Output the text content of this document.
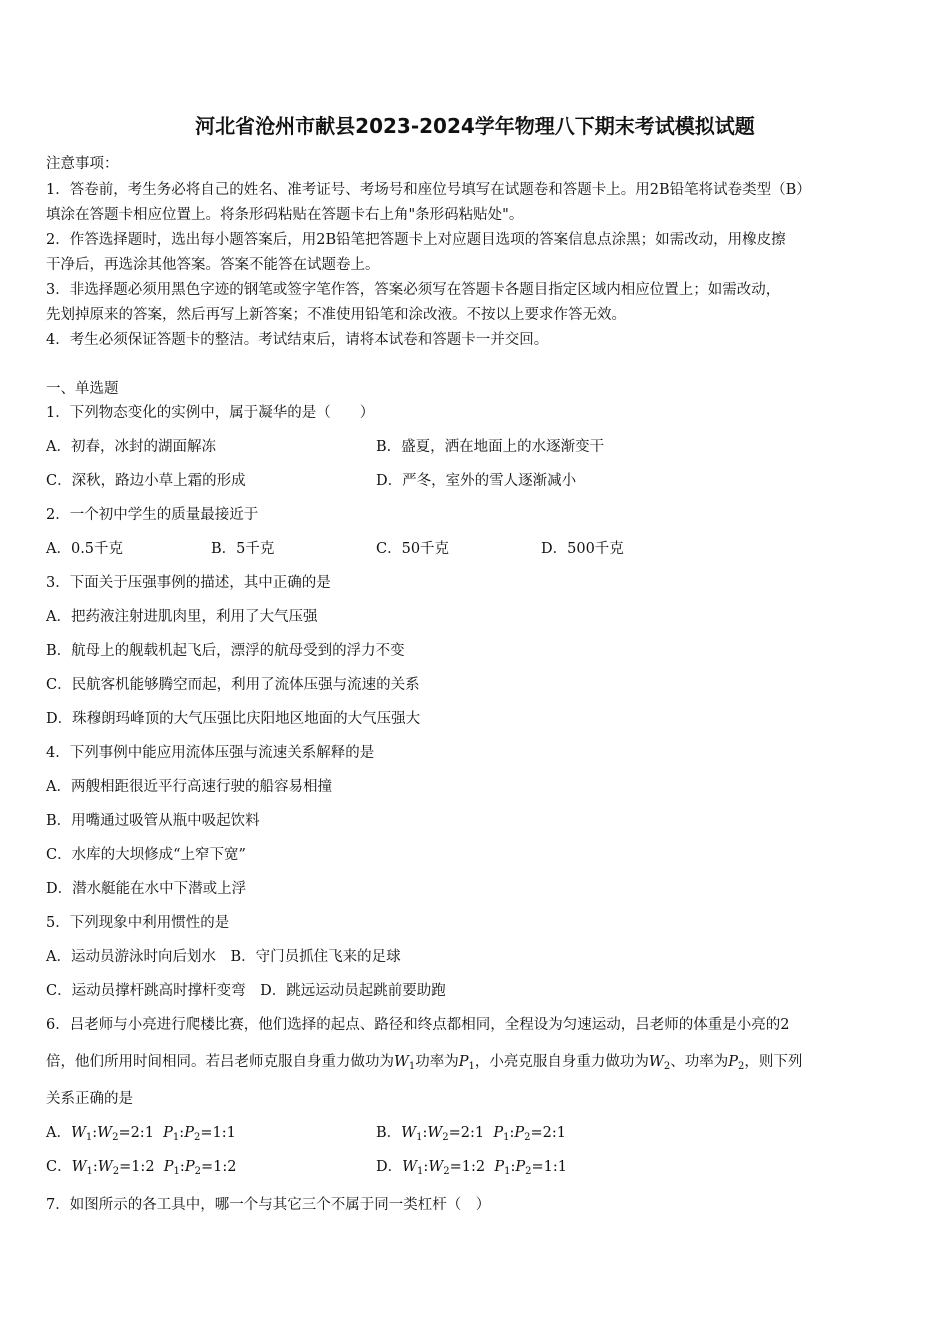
河北省沧州市献县2023-2024学年物理八下期末考试模拟试题
注意事项：
1．答卷前，考生务必将自己的姓名、准考证号、考场号和座位号填写在试题卷和答题卡上。用2B铅笔将试卷类型（B）
填涂在答题卡相应位置上。将条形码粘贴在答题卡右上角"条形码粘贴处"。
2．作答选择题时，选出每小题答案后，用2B铅笔把答题卡上对应题目选项的答案信息点涂黑；如需改动，用橡皮擦
干净后，再选涂其他答案。答案不能答在试题卷上。
3．非选择题必须用黑色字迹的钢笔或签字笔作答，答案必须写在答题卡各题目指定区域内相应位置上；如需改动，
先划掉原来的答案，然后再写上新答案；不准使用铅笔和涂改液。不按以上要求作答无效。
4．考生必须保证答题卡的整洁。考试结束后，请将本试卷和答题卡一并交回。
一、单选题
1．下列物态变化的实例中，属于凝华的是（　　）
A．初春，冰封的湖面解冻	B．盛夏，洒在地面上的水逐渐变干
C．深秋，路边小草上霜的形成	D．严冬，室外的雪人逐渐减小
2．一个初中学生的质量最接近于
A．0.5千克	B．5千克	C．50千克	D．500千克
3．下面关于压强事例的描述，其中正确的是
A．把药液注射进肌肉里，利用了大气压强
B．航母上的舰载机起飞后，漂浮的航母受到的浮力不变
C．民航客机能够腾空而起，利用了流体压强与流速的关系
D．珠穆朗玛峰顶的大气压强比庆阳地区地面的大气压强大
4．下列事例中能应用流体压强与流速关系解释的是
A．两艘相距很近平行高速行驶的船容易相撞
B．用嘴通过吸管从瓶中吸起饮料
C．水库的大坝修成“上窄下宽”
D．潜水艇能在水中下潜或上浮
5．下列现象中利用惯性的是
A．运动员游泳时向后划水　B．守门员抓住飞来的足球
C．运动员撑杆跳高时撑杆变弯　D．跳远运动员起跳前要助跑
6．吕老师与小亮进行爬楼比赛，他们选择的起点、路径和终点都相同，全程设为匀速运动，吕老师的体重是小亮的2
倍，他们所用时间相同。若吕老师克服自身重力做功为$W_1$功率为$P_1$，小亮克服自身重力做功为$W_2$、功率为$P_2$，则下列
关系正确的是
A．$W_1:W_2=2:1$ $P_1:P_2=1:1$	B．$W_1:W_2=2:1$ $P_1:P_2=2:1$
C．$W_1:W_2=1:2$ $P_1:P_2=1:2$	D．$W_1:W_2=1:2$ $P_1:P_2=1:1$
7．如图所示的各工具中，哪一个与其它三个不属于同一类杠杆（　）
